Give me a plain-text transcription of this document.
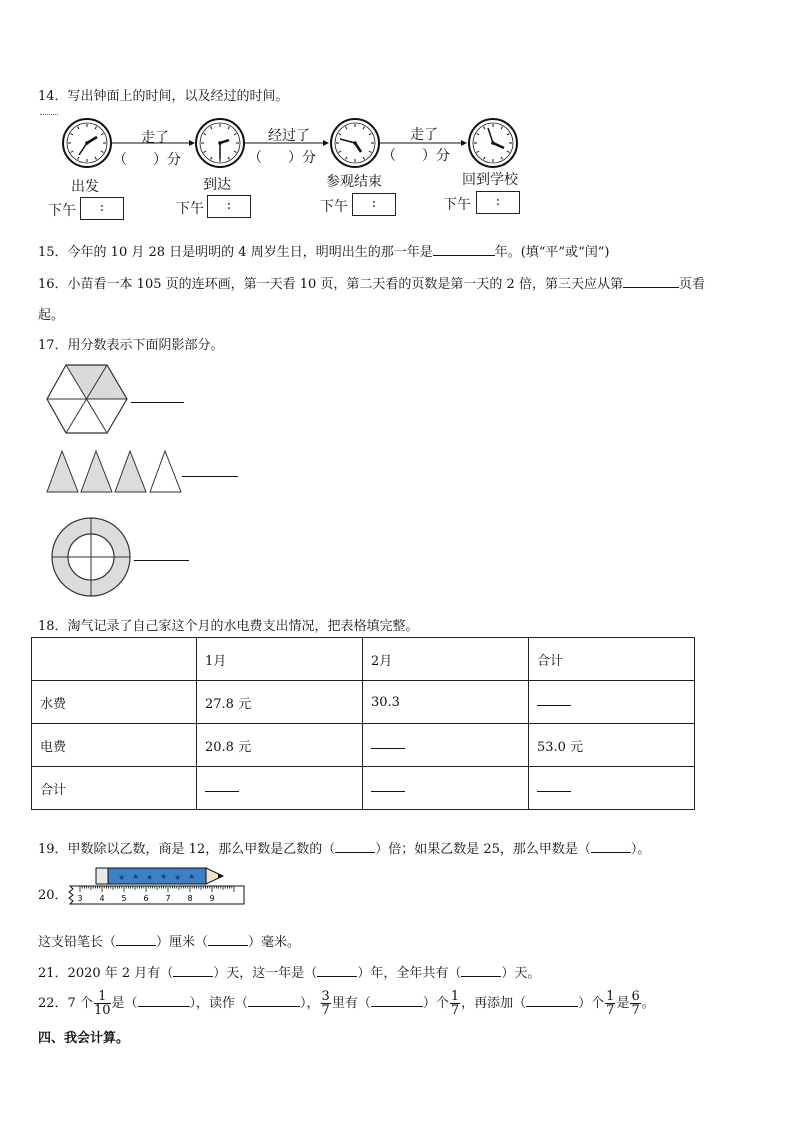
14．写出钟面上的时间，以及经过的时间。
走了	经过了	走了
（ ）分	（ ）分	（ ）分
出发	到达	参观结束	回到学校
下午	:	下午	:	下午	:	下午	:
15．今年的 10 月 28 日是明明的 4 周岁生日，明明出生的那一年是	年。(填“平”或“闰”)
16．小苗看一本 105 页的连环画，第一天看 10 页，第二天看的页数是第一天的 2 倍，第三天应从第	页看
起。
17．用分数表示下面阴影部分。
18．淘气记录了自己家这个月的水电费支出情况，把表格填完整。
	1月	2月	合计
水费	27.8 元	30.3	
电费	20.8 元		53.0 元
合计			
19．甲数除以乙数，商是 12，那么甲数是乙数的（	）倍；如果乙数是 25，那么甲数是（	）。
20．
★ ★ ★ ★ ★ ★
3 4 5 6 7 8 9
这支铅笔长（	）厘米（	）毫米。
21．2020 年 2 月有（	）天，这一年是（	）年，全年共有（	）天。
22．7 个 $\frac{1}{10}$ 是（	），读作（	）， $\frac{3}{7}$ 里有（	）个 $\frac{1}{7}$ ，再添加（	）个 $\frac{1}{7}$ 是 $\frac{6}{7}$ 。
四、我会计算。
